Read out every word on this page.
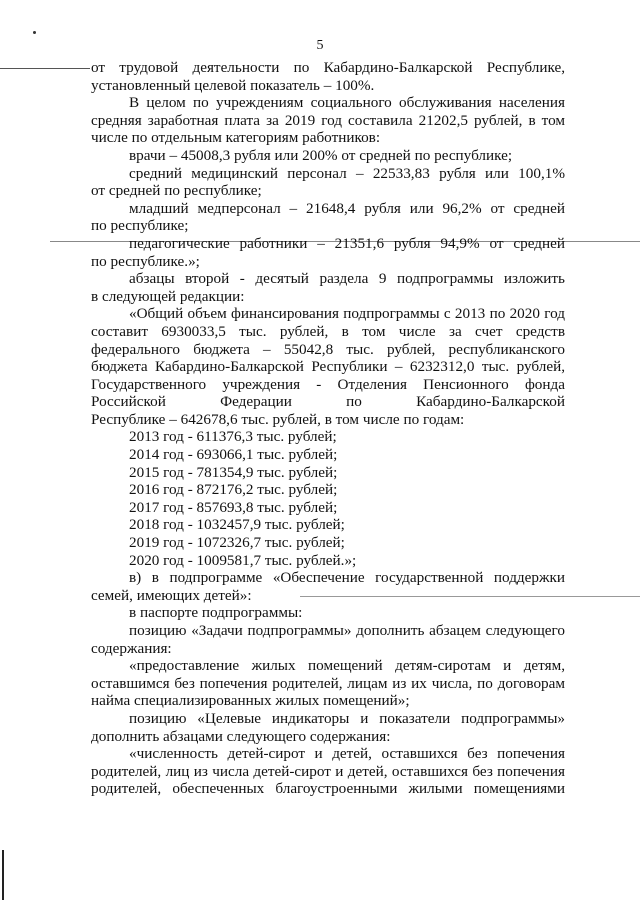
5
от трудовой деятельности по Кабардино-Балкарской Республике,
установленный целевой показатель – 100%.
В целом по учреждениям социального обслуживания населения
средняя заработная плата за 2019 год составила 21202,5 рублей, в том
числе по отдельным категориям работников:
врачи – 45008,3 рубля или 200% от средней по республике;
средний медицинский персонал – 22533,83 рубля или 100,1%
от средней по республике;
младший медперсонал – 21648,4 рубля или 96,2% от средней
по республике;
педагогические работники – 21351,6 рубля 94,9% от средней
по республике.»;
абзацы второй - десятый раздела 9 подпрограммы изложить
в следующей редакции:
«Общий объем финансирования подпрограммы с 2013 по 2020 год
составит 6930033,5 тыс. рублей, в том числе за счет средств
федерального бюджета – 55042,8 тыс. рублей, республиканского
бюджета Кабардино-Балкарской Республики – 6232312,0 тыс. рублей,
Государственного учреждения - Отделения Пенсионного фонда
Российской Федерации по Кабардино-Балкарской
Республике – 642678,6 тыс. рублей, в том числе по годам:
2013 год - 611376,3 тыс. рублей;
2014 год - 693066,1 тыс. рублей;
2015 год - 781354,9 тыс. рублей;
2016 год - 872176,2 тыс. рублей;
2017 год - 857693,8 тыс. рублей;
2018 год - 1032457,9 тыс. рублей;
2019 год - 1072326,7 тыс. рублей;
2020 год - 1009581,7 тыс. рублей.»;
в) в подпрограмме «Обеспечение государственной поддержки
семей, имеющих детей»:
в паспорте подпрограммы:
позицию «Задачи подпрограммы» дополнить абзацем следующего
содержания:
«предоставление жилых помещений детям-сиротам и детям,
оставшимся без попечения родителей, лицам из их числа, по договорам
найма специализированных жилых помещений»;
позицию «Целевые индикаторы и показатели подпрограммы»
дополнить абзацами следующего содержания:
«численность детей-сирот и детей, оставшихся без попечения
родителей, лиц из числа детей-сирот и детей, оставшихся без попечения
родителей, обеспеченных благоустроенными жилыми помещениями
